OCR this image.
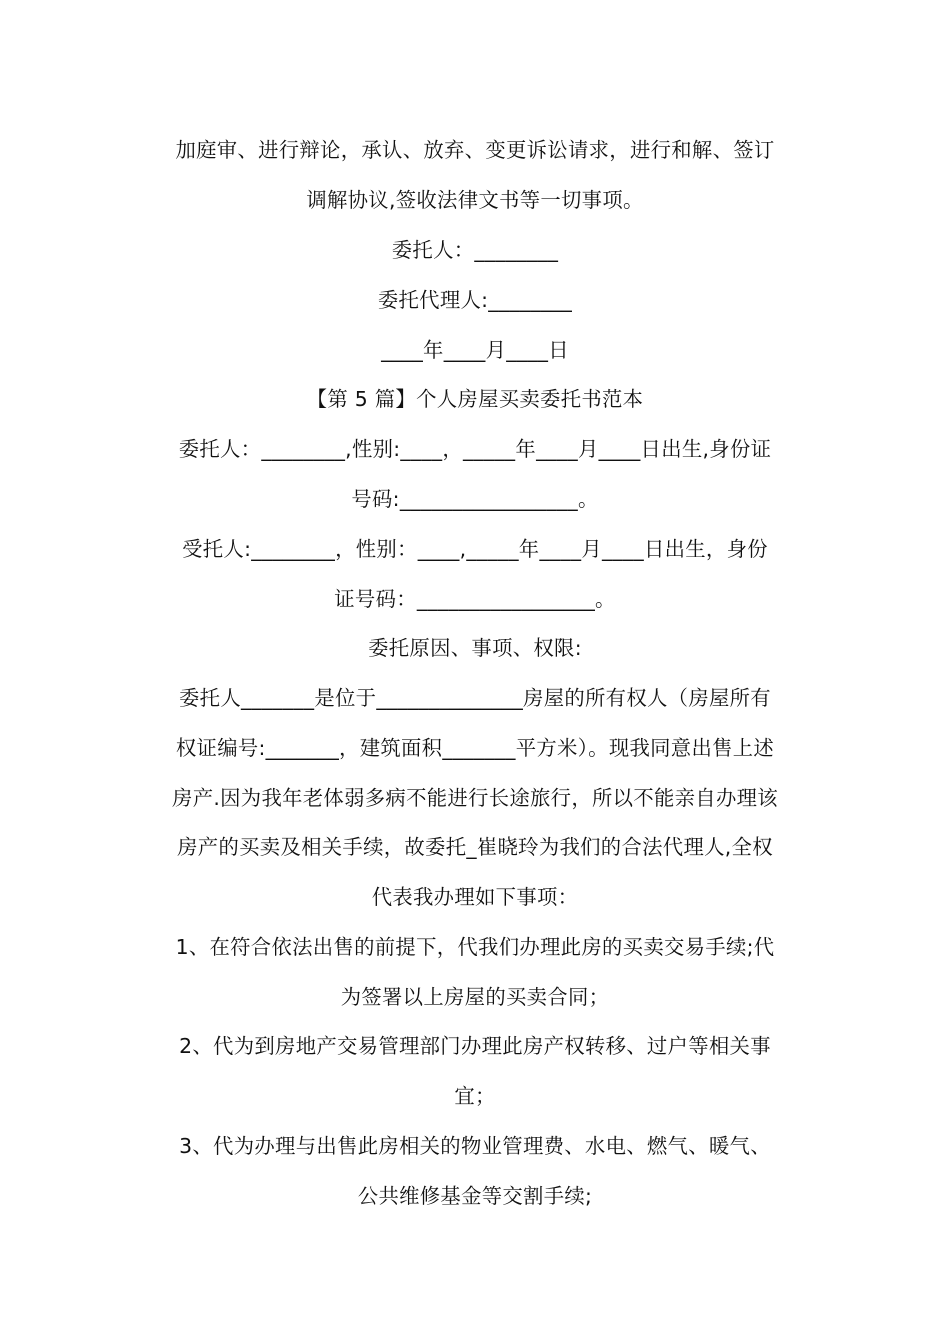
加庭审、进行辩论，承认、放弃、变更诉讼请求，进行和解、签订
调解协议,签收法律文书等一切事项。
委托人：________
委托代理人:________
____年____月____日
【第 5 篇】个人房屋买卖委托书范本
委托人：________,性别:____，_____年____月____日出生,身份证
号码:_________________。
受托人:________，性别：____,_____年____月____日出生，身份
证号码：_________________。
委托原因、事项、权限:
委托人_______是位于______________房屋的所有权人（房屋所有
权证编号:_______，建筑面积_______平方米）。现我同意出售上述
房产.因为我年老体弱多病不能进行长途旅行，所以不能亲自办理该
房产的买卖及相关手续，故委托_崔晓玲为我们的合法代理人,全权
代表我办理如下事项：
1、在符合依法出售的前提下，代我们办理此房的买卖交易手续;代
为签署以上房屋的买卖合同；
2、代为到房地产交易管理部门办理此房产权转移、过户等相关事
宜；
3、代为办理与出售此房相关的物业管理费、水电、燃气、暖气、
公共维修基金等交割手续;
